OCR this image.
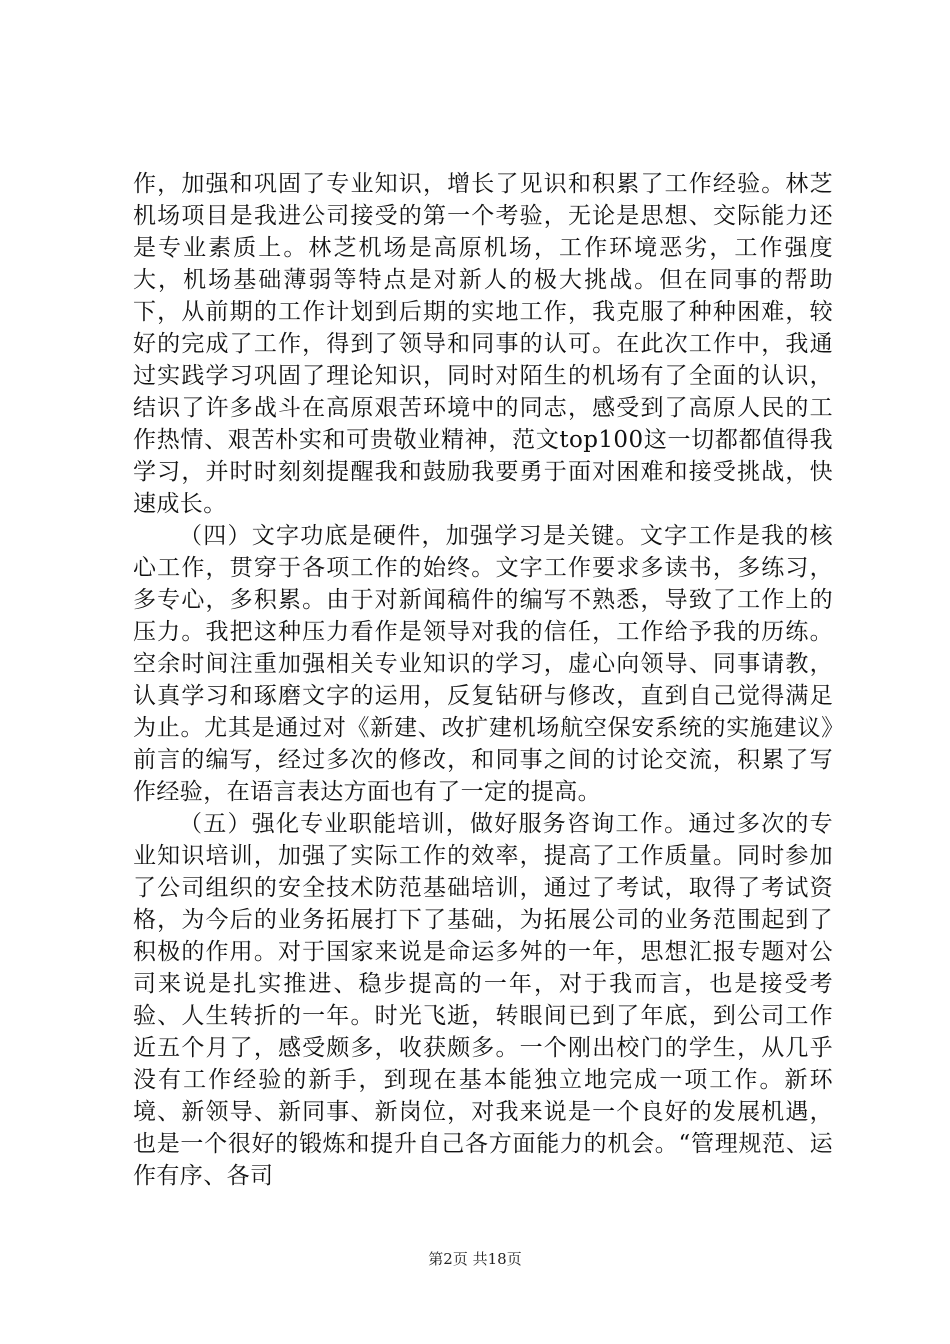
作，加强和巩固了专业知识，增长了见识和积累了工作经验。林芝机场项目是我进公司接受的第一个考验，无论是思想、交际能力还是专业素质上。林芝机场是高原机场，工作环境恶劣，工作强度大，机场基础薄弱等特点是对新人的极大挑战。但在同事的帮助下，从前期的工作计划到后期的实地工作，我克服了种种困难，较好的完成了工作，得到了领导和同事的认可。在此次工作中，我通过实践学习巩固了理论知识，同时对陌生的机场有了全面的认识，结识了许多战斗在高原艰苦环境中的同志，感受到了高原人民的工作热情、艰苦朴实和可贵敬业精神，范文top100这一切都都值得我学习，并时时刻刻提醒我和鼓励我要勇于面对困难和接受挑战，快速成长。

（四）文字功底是硬件，加强学习是关键。文字工作是我的核心工作，贯穿于各项工作的始终。文字工作要求多读书，多练习，多专心，多积累。由于对新闻稿件的编写不熟悉，导致了工作上的压力。我把这种压力看作是领导对我的信任，工作给予我的历练。空余时间注重加强相关专业知识的学习，虚心向领导、同事请教，认真学习和琢磨文字的运用，反复钻研与修改，直到自己觉得满足为止。尤其是通过对《新建、改扩建机场航空保安系统的实施建议》前言的编写，经过多次的修改，和同事之间的讨论交流，积累了写作经验，在语言表达方面也有了一定的提高。

（五）强化专业职能培训，做好服务咨询工作。通过多次的专业知识培训，加强了实际工作的效率，提高了工作质量。同时参加了公司组织的安全技术防范基础培训，通过了考试，取得了考试资格，为今后的业务拓展打下了基础，为拓展公司的业务范围起到了积极的作用。对于国家来说是命运多舛的一年，思想汇报专题对公司来说是扎实推进、稳步提高的一年，对于我而言，也是接受考验、人生转折的一年。时光飞逝，转眼间已到了年底，到公司工作近五个月了，感受颇多，收获颇多。一个刚出校门的学生，从几乎没有工作经验的新手，到现在基本能独立地完成一项工作。新环境、新领导、新同事、新岗位，对我来说是一个良好的发展机遇，也是一个很好的锻炼和提升自己各方面能力的机会。“管理规范、运作有序、各司

第2页 共18页
